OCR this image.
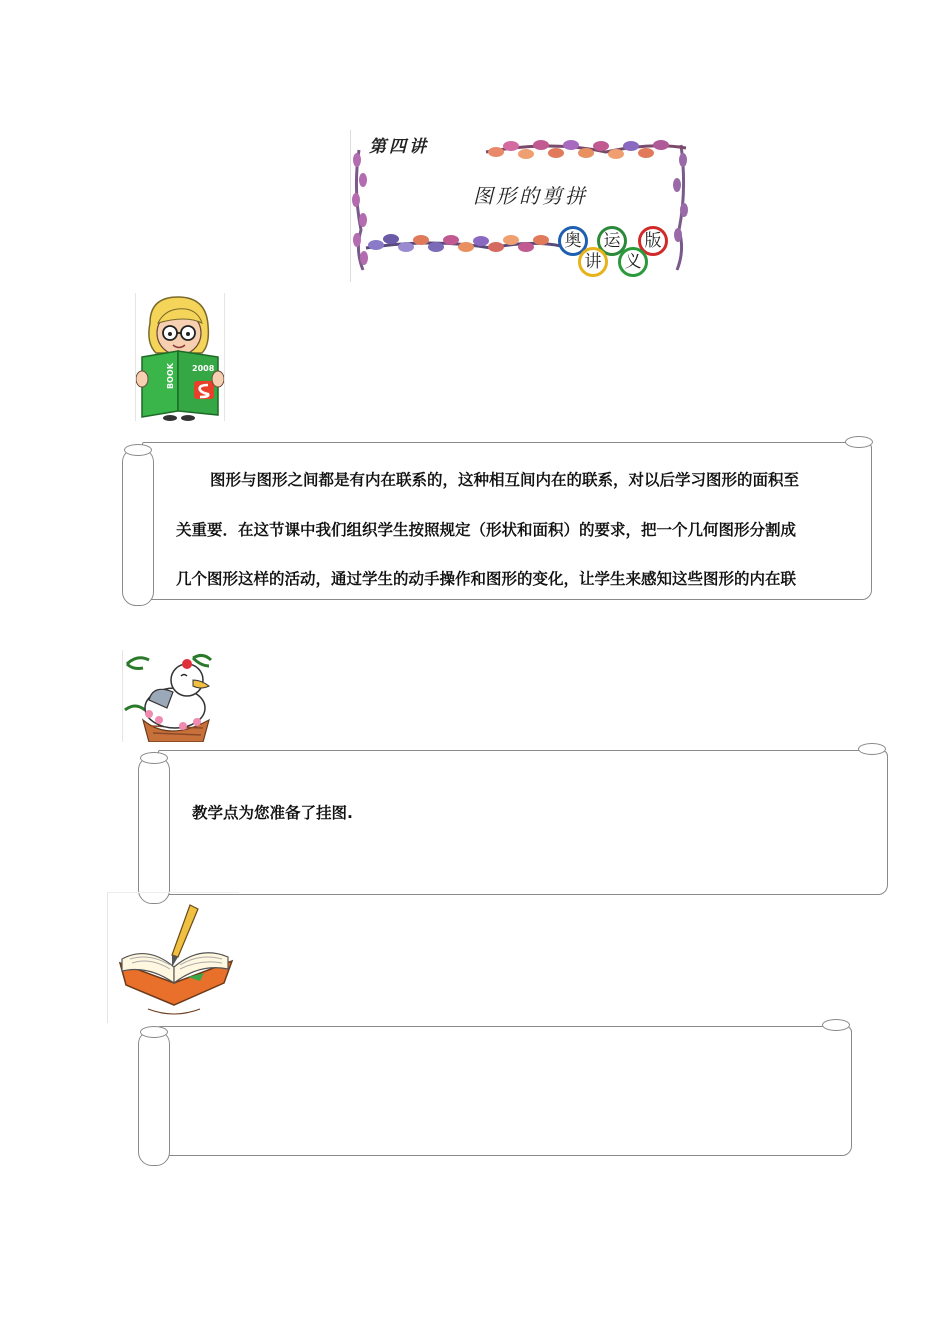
第四讲
图形的剪拼
奥	运	版
讲	义
2008
BOOK
图形与图形之间都是有内在联系的，这种相互间内在的联系，对以后学习图形的面积至
关重要．在这节课中我们组织学生按照规定（形状和面积）的要求，把一个几何图形分割成
几个图形这样的活动，通过学生的动手操作和图形的变化，让学生来感知这些图形的内在联
教学点为您准备了挂图.
